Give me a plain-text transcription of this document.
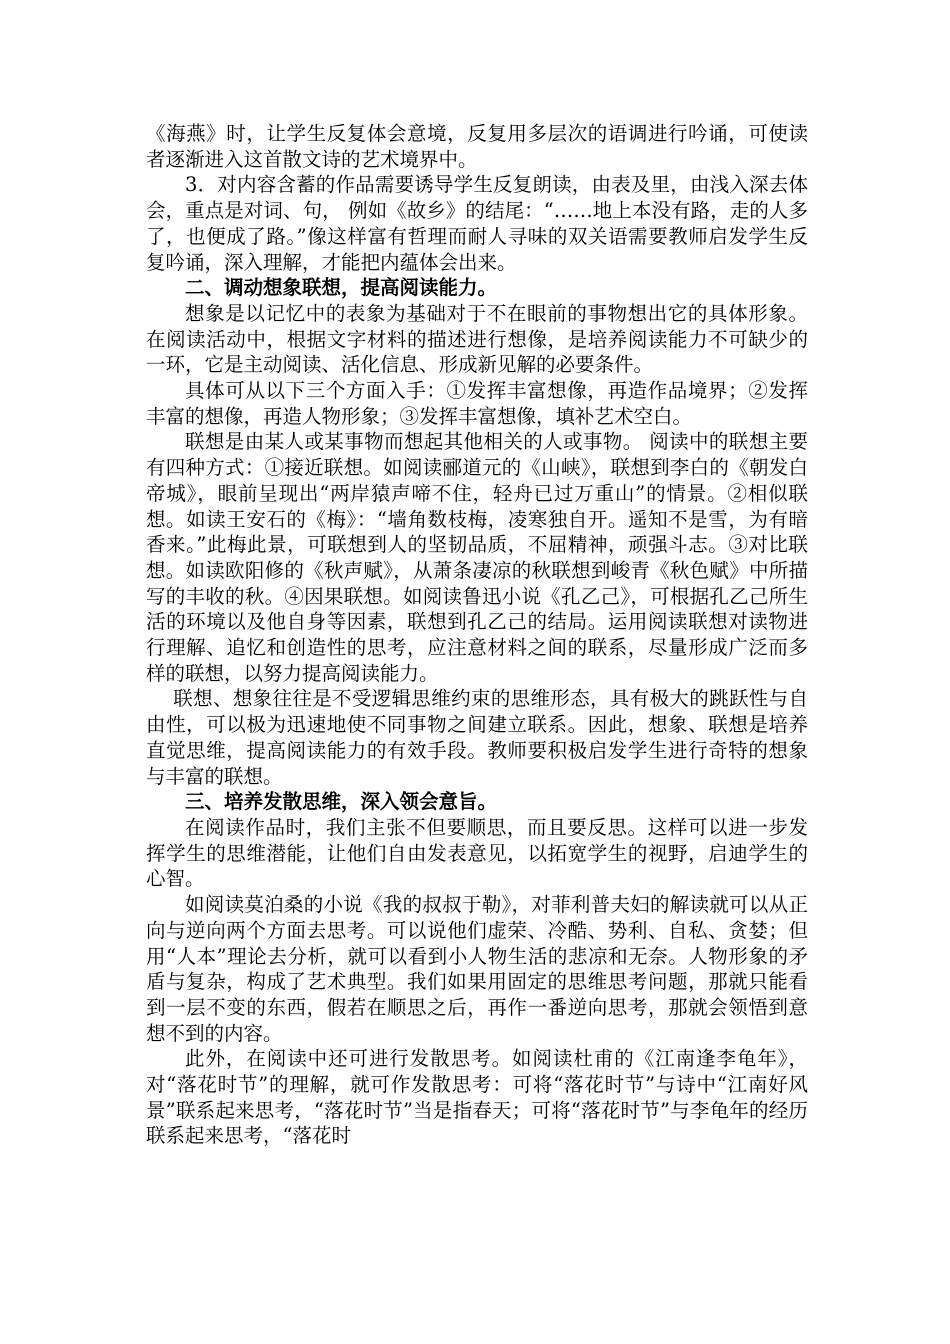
《海燕》时，让学生反复体会意境，反复用多层次的语调进行吟诵，可使读者逐渐进入这首散文诗的艺术境界中。

3．对内容含蓄的作品需要诱导学生反复朗读，由表及里，由浅入深去体会，重点是对词、句， 例如《故乡》的结尾：“……地上本没有路，走的人多了，也便成了路。”像这样富有哲理而耐人寻味的双关语需要教师启发学生反复吟诵，深入理解，才能把内蕴体会出来。

二、调动想象联想，提高阅读能力。

想象是以记忆中的表象为基础对于不在眼前的事物想出它的具体形象。在阅读活动中，根据文字材料的描述进行想像，是培养阅读能力不可缺少的一环，它是主动阅读、活化信息、形成新见解的必要条件。

具体可从以下三个方面入手：①发挥丰富想像，再造作品境界；②发挥丰富的想像，再造人物形象；③发挥丰富想像，填补艺术空白。

联想是由某人或某事物而想起其他相关的人或事物。 阅读中的联想主要有四种方式：①接近联想。如阅读郦道元的《山峡》，联想到李白的《朝发白帝城》，眼前呈现出“两岸猿声啼不住，轻舟已过万重山”的情景。②相似联想。如读王安石的《梅》：“墙角数枝梅，凌寒独自开。遥知不是雪，为有暗香来。”此梅此景，可联想到人的坚韧品质，不屈精神，顽强斗志。③对比联想。如读欧阳修的《秋声赋》，从萧条凄凉的秋联想到峻青《秋色赋》中所描写的丰收的秋。④因果联想。如阅读鲁迅小说《孔乙己》，可根据孔乙己所生活的环境以及他自身等因素，联想到孔乙己的结局。运用阅读联想对读物进行理解、追忆和创造性的思考，应注意材料之间的联系，尽量形成广泛而多样的联想，以努力提高阅读能力。

联想、想象往往是不受逻辑思维约束的思维形态，具有极大的跳跃性与自由性，可以极为迅速地使不同事物之间建立联系。因此，想象、联想是培养直觉思维，提高阅读能力的有效手段。教师要积极启发学生进行奇特的想象与丰富的联想。

三、培养发散思维，深入领会意旨。

在阅读作品时，我们主张不但要顺思，而且要反思。这样可以进一步发挥学生的思维潜能，让他们自由发表意见，以拓宽学生的视野，启迪学生的心智。

如阅读莫泊桑的小说《我的叔叔于勒》，对菲利普夫妇的解读就可以从正向与逆向两个方面去思考。可以说他们虚荣、冷酷、势利、自私、贪婪；但用“人本”理论去分析，就可以看到小人物生活的悲凉和无奈。人物形象的矛盾与复杂，构成了艺术典型。我们如果用固定的思维思考问题，那就只能看到一层不变的东西，假若在顺思之后，再作一番逆向思考，那就会领悟到意想不到的内容。

此外，在阅读中还可进行发散思考。如阅读杜甫的《江南逢李龟年》，对“落花时节”的理解，就可作发散思考：可将“落花时节”与诗中“江南好风景”联系起来思考，“落花时节”当是指春天；可将“落花时节”与李龟年的经历联系起来思考，“落花时
